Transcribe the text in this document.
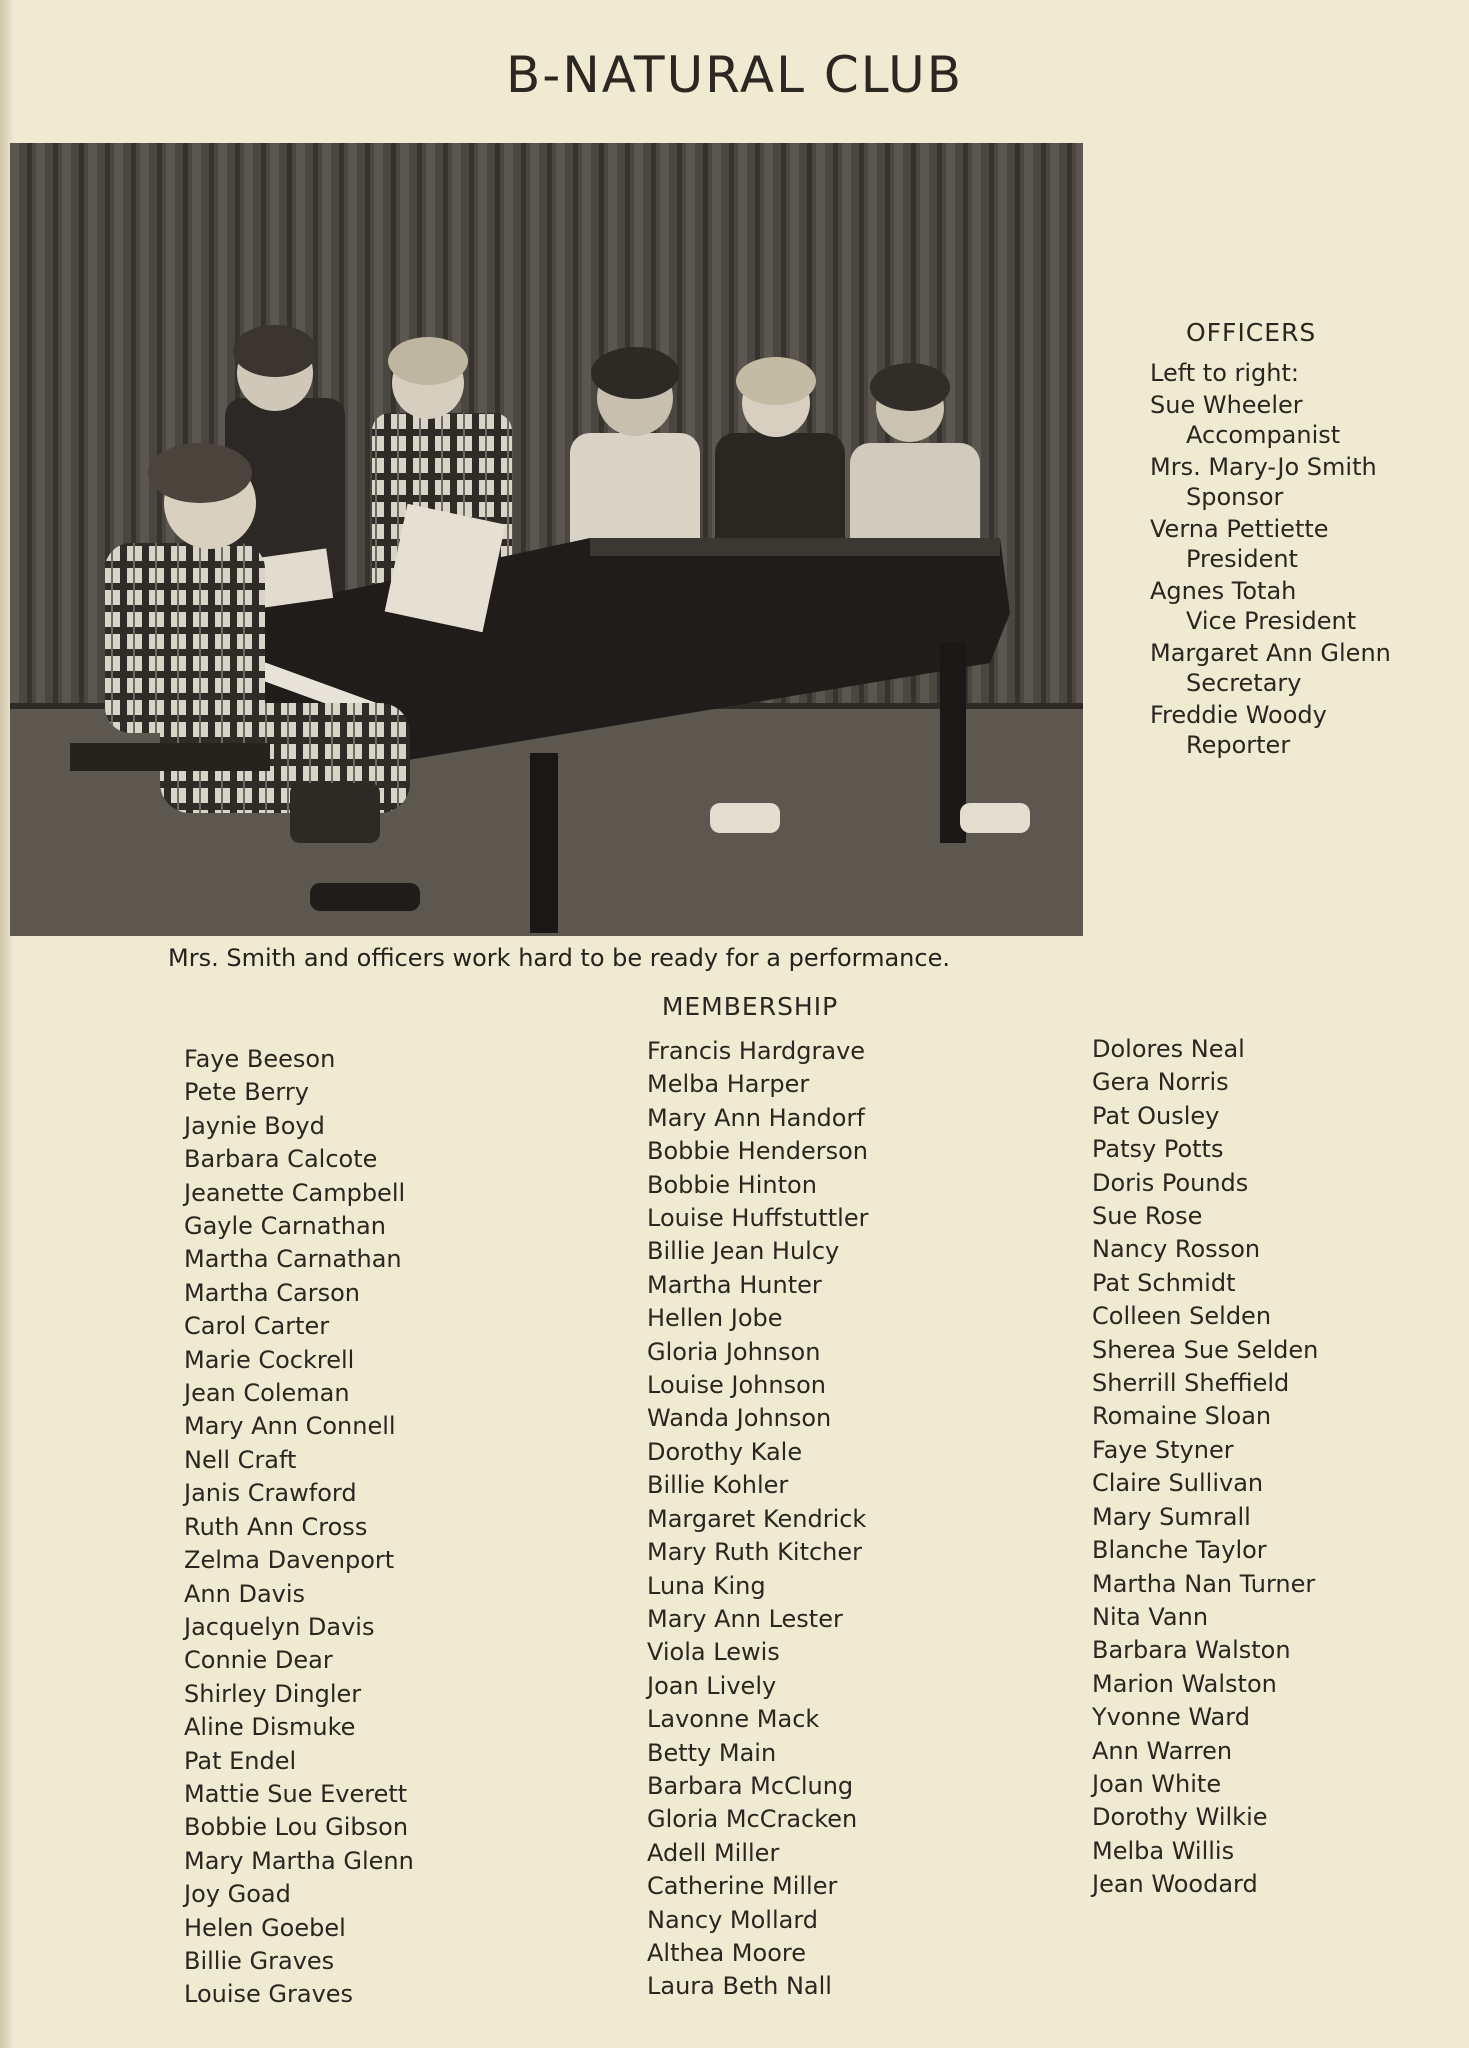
B-NATURAL CLUB
OFFICERS
Left to right:
Sue Wheeler
Accompanist
Mrs. Mary-Jo Smith
Sponsor
Verna Pettiette
President
Agnes Totah
Vice President
Margaret Ann Glenn
Secretary
Freddie Woody
Reporter
Mrs. Smith and officers work hard to be ready for a performance.
MEMBERSHIP
Faye Beeson
Pete Berry
Jaynie Boyd
Barbara Calcote
Jeanette Campbell
Gayle Carnathan
Martha Carnathan
Martha Carson
Carol Carter
Marie Cockrell
Jean Coleman
Mary Ann Connell
Nell Craft
Janis Crawford
Ruth Ann Cross
Zelma Davenport
Ann Davis
Jacquelyn Davis
Connie Dear
Shirley Dingler
Aline Dismuke
Pat Endel
Mattie Sue Everett
Bobbie Lou Gibson
Mary Martha Glenn
Joy Goad
Helen Goebel
Billie Graves
Louise Graves
Francis Hardgrave
Melba Harper
Mary Ann Handorf
Bobbie Henderson
Bobbie Hinton
Louise Huffstuttler
Billie Jean Hulcy
Martha Hunter
Hellen Jobe
Gloria Johnson
Louise Johnson
Wanda Johnson
Dorothy Kale
Billie Kohler
Margaret Kendrick
Mary Ruth Kitcher
Luna King
Mary Ann Lester
Viola Lewis
Joan Lively
Lavonne Mack
Betty Main
Barbara McClung
Gloria McCracken
Adell Miller
Catherine Miller
Nancy Mollard
Althea Moore
Laura Beth Nall
Dolores Neal
Gera Norris
Pat Ousley
Patsy Potts
Doris Pounds
Sue Rose
Nancy Rosson
Pat Schmidt
Colleen Selden
Sherea Sue Selden
Sherrill Sheffield
Romaine Sloan
Faye Styner
Claire Sullivan
Mary Sumrall
Blanche Taylor
Martha Nan Turner
Nita Vann
Barbara Walston
Marion Walston
Yvonne Ward
Ann Warren
Joan White
Dorothy Wilkie
Melba Willis
Jean Woodard
